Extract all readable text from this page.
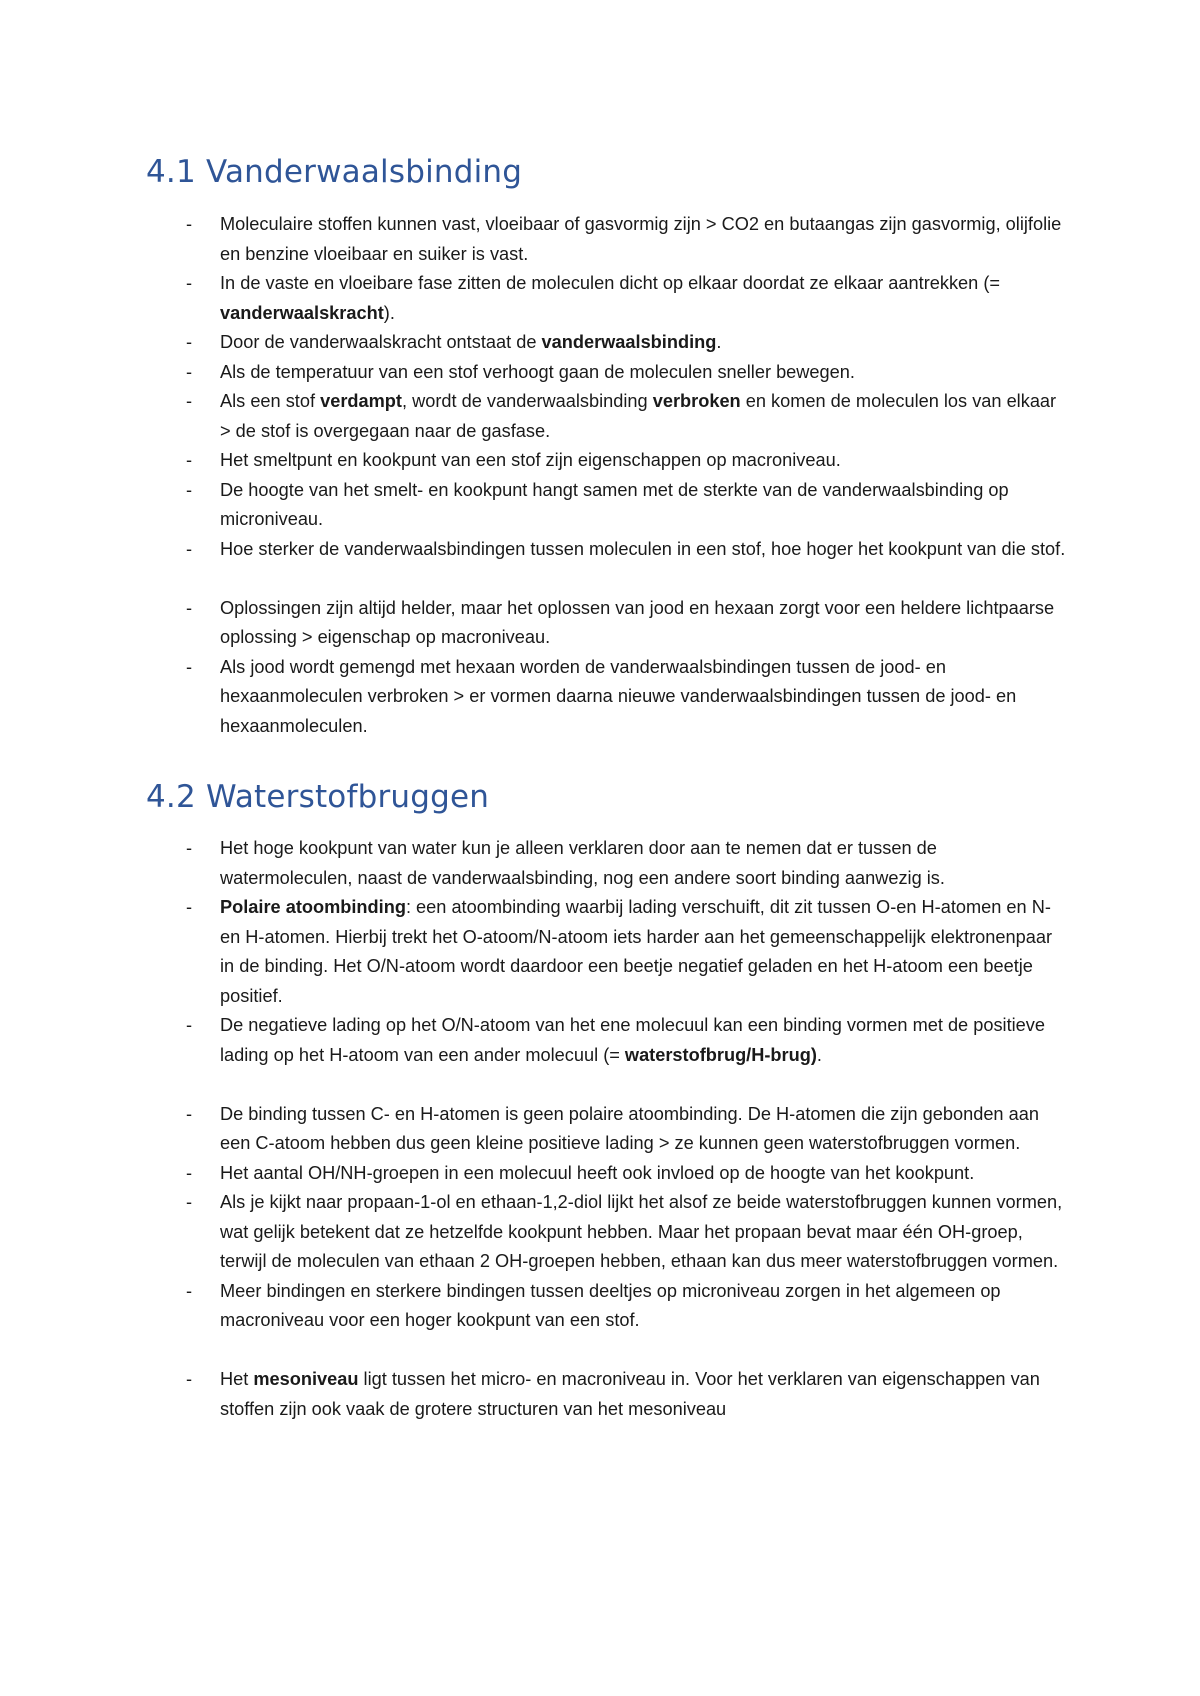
4.1 Vanderwaalsbinding
- Moleculaire stoffen kunnen vast, vloeibaar of gasvormig zijn > CO2 en butaangas zijn gasvormig, olijfolie en benzine vloeibaar en suiker is vast.
- In de vaste en vloeibare fase zitten de moleculen dicht op elkaar doordat ze elkaar aantrekken (= vanderwaalskracht).
- Door de vanderwaalskracht ontstaat de vanderwaalsbinding.
- Als de temperatuur van een stof verhoogt gaan de moleculen sneller bewegen.
- Als een stof verdampt, wordt de vanderwaalsbinding verbroken en komen de moleculen los van elkaar > de stof is overgegaan naar de gasfase.
- Het smeltpunt en kookpunt van een stof zijn eigenschappen op macroniveau.
- De hoogte van het smelt- en kookpunt hangt samen met de sterkte van de vanderwaalsbinding op microniveau.
- Hoe sterker de vanderwaalsbindingen tussen moleculen in een stof, hoe hoger het kookpunt van die stof.
- Oplossingen zijn altijd helder, maar het oplossen van jood en hexaan zorgt voor een heldere lichtpaarse oplossing > eigenschap op macroniveau.
- Als jood wordt gemengd met hexaan worden de vanderwaalsbindingen tussen de jood- en hexaanmoleculen verbroken > er vormen daarna nieuwe vanderwaalsbindingen tussen de jood- en hexaanmoleculen.
4.2 Waterstofbruggen
- Het hoge kookpunt van water kun je alleen verklaren door aan te nemen dat er tussen de watermoleculen, naast de vanderwaalsbinding, nog een andere soort binding aanwezig is.
- Polaire atoombinding: een atoombinding waarbij lading verschuift, dit zit tussen O-en H-atomen en N- en H-atomen. Hierbij trekt het O-atoom/N-atoom iets harder aan het gemeenschappelijk elektronenpaar in de binding. Het O/N-atoom wordt daardoor een beetje negatief geladen en het H-atoom een beetje positief.
- De negatieve lading op het O/N-atoom van het ene molecuul kan een binding vormen met de positieve lading op het H-atoom van een ander molecuul (= waterstofbrug/H-brug).
- De binding tussen C- en H-atomen is geen polaire atoombinding. De H-atomen die zijn gebonden aan een C-atoom hebben dus geen kleine positieve lading > ze kunnen geen waterstofbruggen vormen.
- Het aantal OH/NH-groepen in een molecuul heeft ook invloed op de hoogte van het kookpunt.
- Als je kijkt naar propaan-1-ol en ethaan-1,2-diol lijkt het alsof ze beide waterstofbruggen kunnen vormen, wat gelijk betekent dat ze hetzelfde kookpunt hebben. Maar het propaan bevat maar één OH-groep, terwijl de moleculen van ethaan 2 OH-groepen hebben, ethaan kan dus meer waterstofbruggen vormen.
- Meer bindingen en sterkere bindingen tussen deeltjes op microniveau zorgen in het algemeen op macroniveau voor een hoger kookpunt van een stof.
- Het mesoniveau ligt tussen het micro- en macroniveau in. Voor het verklaren van eigenschappen van stoffen zijn ook vaak de grotere structuren van het mesoniveau
